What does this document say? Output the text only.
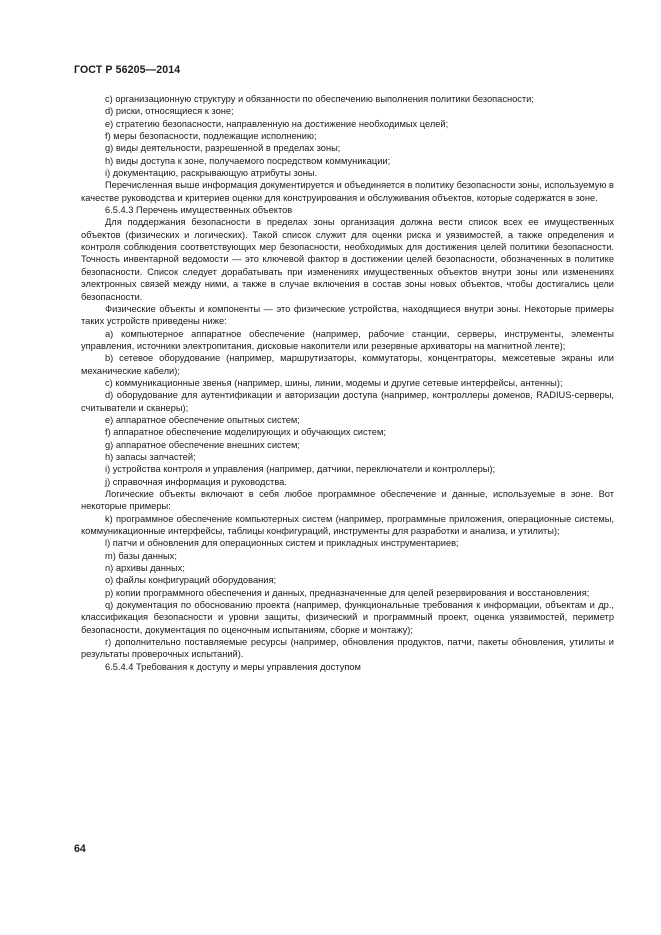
ГОСТ Р 56205—2014

c) организационную структуру и обязанности по обеспечению выполнения политики безопасности;

d) риски, относящиеся к зоне;

e) стратегию безопасности, направленную на достижение необходимых целей;

f) меры безопасности, подлежащие исполнению;

g) виды деятельности, разрешенной в пределах зоны;

h) виды доступа к зоне, получаемого посредством коммуникации;

i) документацию, раскрывающую атрибуты зоны.

Перечисленная выше информация документируется и объединяется в политику безопасности зоны, используемую в качестве руководства и критериев оценки для конструирования и обслуживания объектов, которые содержатся в зоне.

6.5.4.3 Перечень имущественных объектов

Для поддержания безопасности в пределах зоны организация должна вести список всех ее имущественных объектов (физических и логических). Такой список служит для оценки риска и уязвимостей, а также определения и контроля соблюдения соответствующих мер безопасности, необходимых для достижения целей политики безопасности. Точность инвентарной ведомости — это ключевой фактор в достижении целей безопасности, обозначенных в политике безопасности. Список следует дорабатывать при изменениях имущественных объектов внутри зоны или изменениях электронных связей между ними, а также в случае включения в состав зоны новых объектов, чтобы достигались цели безопасности.

Физические объекты и компоненты — это физические устройства, находящиеся внутри зоны. Некоторые примеры таких устройств приведены ниже:

а) компьютерное аппаратное обеспечение (например, рабочие станции, серверы, инструменты, элементы управления, источники электропитания, дисковые накопители или резервные архиваторы на магнитной ленте);

b) сетевое оборудование (например, маршрутизаторы, коммутаторы, концентраторы, межсетевые экраны или механические кабели);

c) коммуникационные звенья (например, шины, линии, модемы и другие сетевые интерфейсы, антенны);

d) оборудование для аутентификации и авторизации доступа (например, контроллеры доменов, RADIUS-серверы, считыватели и сканеры);

e) аппаратное обеспечение опытных систем;

f) аппаратное обеспечение моделирующих и обучающих систем;

g) аппаратное обеспечение внешних систем;

h) запасы запчастей;

i) устройства контроля и управления (например, датчики, переключатели и контроллеры);

j) справочная информация и руководства.

Логические объекты включают в себя любое программное обеспечение и данные, используемые в зоне. Вот некоторые примеры:

k) программное обеспечение компьютерных систем (например, программные приложения, операционные системы, коммуникационные интерфейсы, таблицы конфигураций, инструменты для разработки и анализа, и утилиты);

l) патчи и обновления для операционных систем и прикладных инструментариев;

m) базы данных;

n) архивы данных;

o) файлы конфигураций оборудования;

p) копии программного обеспечения и данных, предназначенные для целей резервирования и восстановления;

q) документация по обоснованию проекта (например, функциональные требования к информации, объектам и др., классификация безопасности и уровни защиты, физический и программный проект, оценка уязвимостей, периметр безопасности, документация по оценочным испытаниям, сборке и монтажу);

r) дополнительно поставляемые ресурсы (например, обновления продуктов, патчи, пакеты обновления, утилиты и результаты проверочных испытаний).

6.5.4.4 Требования к доступу и меры управления доступом

64
